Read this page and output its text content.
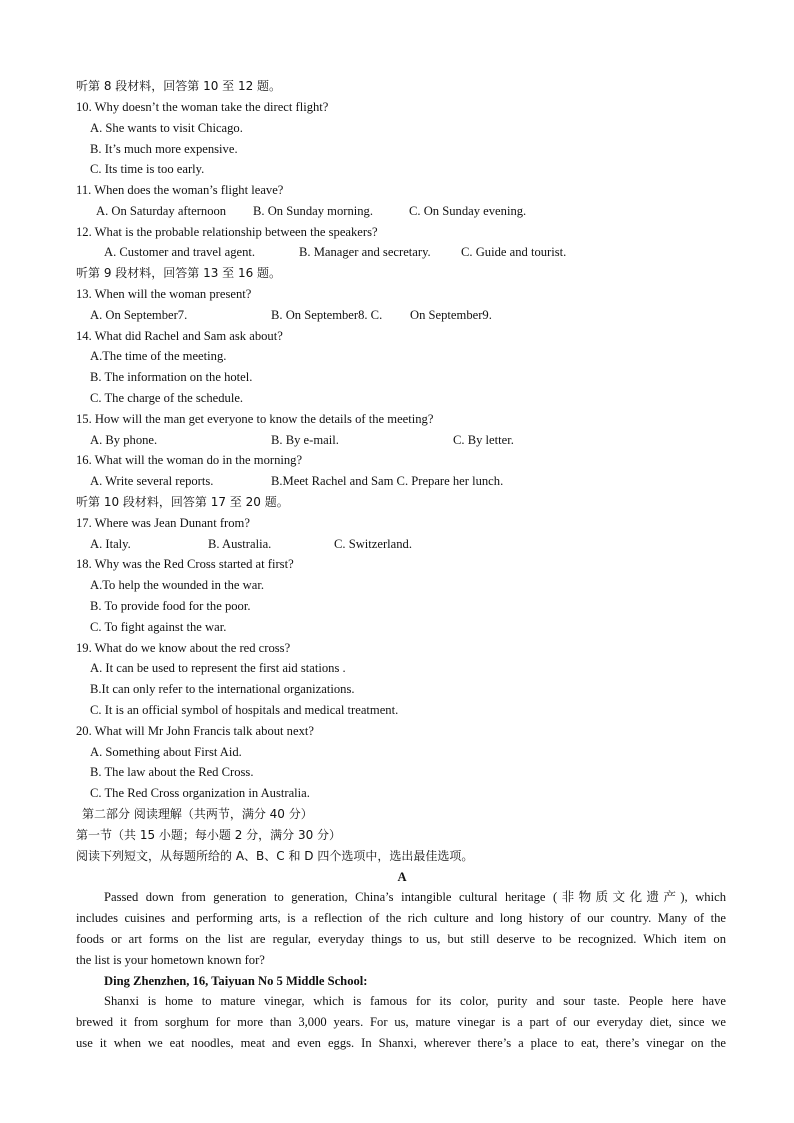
听第 8 段材料，回答第 10 至 12 题。
10. Why doesn’t the woman take the direct flight?
A. She wants to visit Chicago.
B. It’s much more expensive.
C. Its time is too early.
11. When does the woman’s flight leave?
A. On Saturday afternoon B. On Sunday morning.	C. On Sunday evening.
12. What is the probable relationship between the speakers?
A. Customer and travel agent.	B. Manager and secretary. C. Guide and tourist.
听第 9 段材料，回答第 13 至 16 题。
13. When will the woman present?
A. On September7.	B. On September8. C. On September9.
14. What did Rachel and Sam ask about?
A.The time of the meeting.
B. The information on the hotel.
C. The charge of the schedule.
15. How will the man get everyone to know the details of the meeting?
A. By phone.	B. By e-mail.	C. By letter.
16. What will the woman do in the morning?
A. Write several reports.	B.Meet Rachel and Sam C. Prepare her lunch.
听第 10 段材料，回答第 17 至 20 题。
17. Where was Jean Dunant from?
A. Italy.	B. Australia.	C. Switzerland.
18. Why was the Red Cross started at first?
A.To help the wounded in the war.
B. To provide food for the poor.
C. To fight against the war.
19. What do we know about the red cross?
A. It can be used to represent the first aid stations .
B.It can only refer to the international organizations.
C. It is an official symbol of hospitals and medical treatment.
20. What will Mr John Francis talk about next?
A. Something about First Aid.
B. The law about the Red Cross.
C. The Red Cross organization in Australia.
第二部分 阅读理解（共两节，满分 40 分）
第一节（共 15 小题；每小题 2 分，满分 30 分）
阅读下列短文，从每题所给的 A、B、C 和 D 四个选项中，选出最佳选项。
A
Passed down from generation to generation, China’s intangible cultural heritage (非物质文化遗产), which
includes cuisines and performing arts, is a reflection of the rich culture and long history of our country. Many of the
foods or art forms on the list are regular, everyday things to us, but still deserve to be recognized. Which item on
the list is your hometown known for?
Ding Zhenzhen, 16, Taiyuan No 5 Middle School:
Shanxi is home to mature vinegar, which is famous for its color, purity and sour taste. People here have
brewed it from sorghum for more than 3,000 years. For us, mature vinegar is a part of our everyday diet, since we
use it when we eat noodles, meat and even eggs. In Shanxi, wherever there’s a place to eat, there’s vinegar on the
